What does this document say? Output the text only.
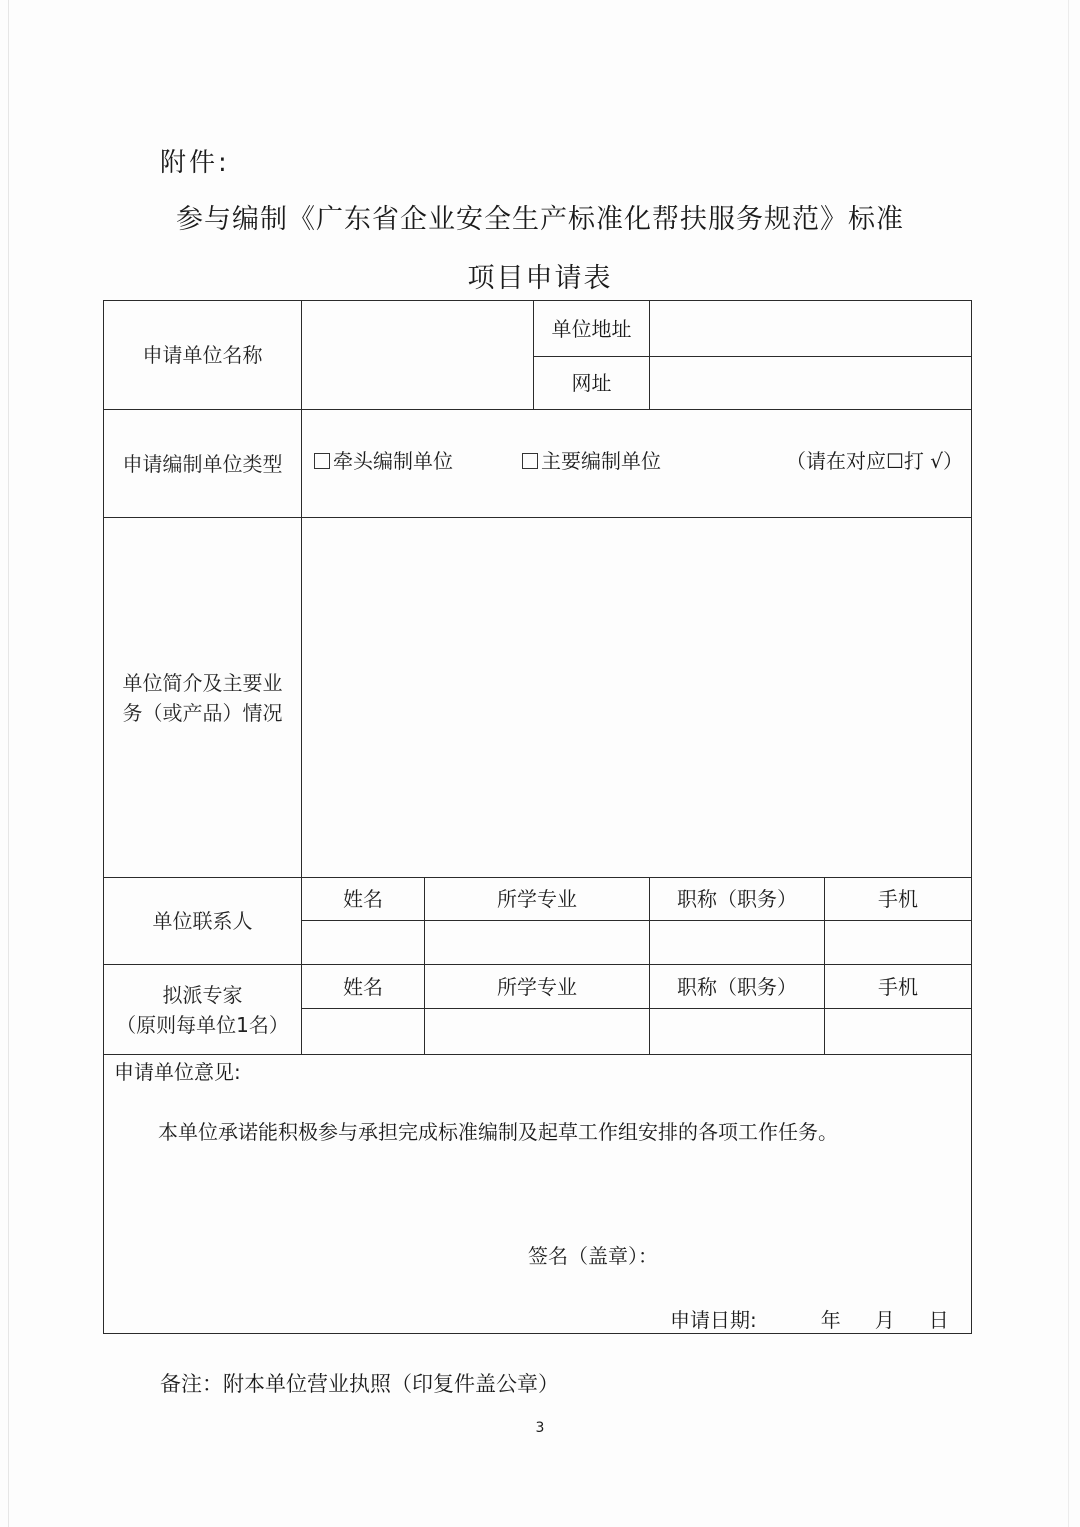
附件:
参与编制《广东省企业安全生产标准化帮扶服务规范》标准
项目申请表
申请单位名称			单位地址		
			网址		
申请编制单位类型	牵头编制单位 主要编制单位 （请在对应☐打 √）				

单位简介及主要业
务（或产品）情况					

单位联系人	姓名	所学专业		职称（职务）	手机

拟派专家
（原则每单位1名）	姓名	所学专业		职称（职务）	手机

申请单位意见:
本单位承诺能积极参与承担完成标准编制及起草工作组安排的各项工作任务。
签名（盖章）：
申请日期: 年 月 日					
备注：附本单位营业执照（印复件盖公章）
3
